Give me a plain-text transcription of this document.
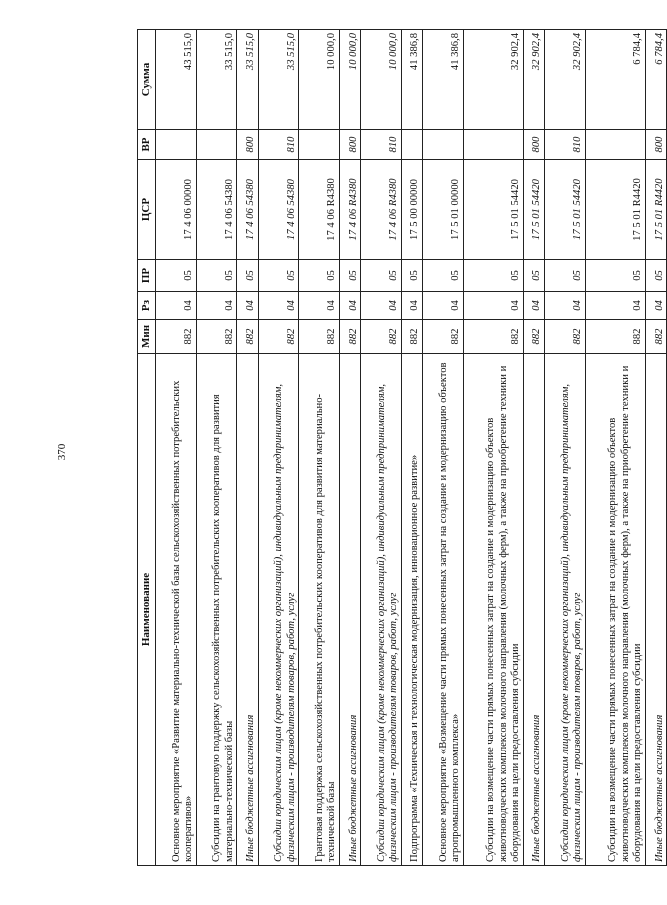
370
Наименование	Мин	Рз	ПР	ЦСР	ВР	Сумма
Основное мероприятие «Развитие материально-технической базы сельскохозяйственных потребительских кооперативов»	882	04	05	17 4 06 00000		43 515,0
Субсидии на грантовую поддержку сельскохозяйственных потребительских кооперативов для развития материально-технической базы	882	04	05	17 4 06 54380		33 515,0
Иные бюджетные ассигнования	882	04	05	17 4 06 54380	800	33 515,0
Субсидии юридическим лицам (кроме некоммерческих организаций), индивидуальным предпринимателям, физическим лицам - производителям товаров, работ, услуг	882	04	05	17 4 06 54380	810	33 515,0
Грантовая поддержка сельскохозяйственных потребительских кооперативов для развития материально-технической базы	882	04	05	17 4 06 R4380		10 000,0
Иные бюджетные ассигнования	882	04	05	17 4 06 R4380	800	10 000,0
Субсидии юридическим лицам (кроме некоммерческих организаций), индивидуальным предпринимателям, физическим лицам - производителям товаров, работ, услуг	882	04	05	17 4 06 R4380	810	10 000,0
Подпрограмма «Техническая и технологическая модернизация, инновационное развитие»	882	04	05	17 5 00 00000		41 386,8
Основное мероприятие «Возмещение части прямых понесенных затрат на создание и модернизацию объектов агропромышленного комплекса»	882	04	05	17 5 01 00000		41 386,8
Субсидии на возмещение части прямых понесенных затрат на создание и модернизацию объектов животноводческих комплексов молочного направления (молочных ферм), а также на приобретение техники и оборудования на цели предоставления субсидии	882	04	05	17 5 01 54420		32 902,4
Иные бюджетные ассигнования	882	04	05	17 5 01 54420	800	32 902,4
Субсидии юридическим лицам (кроме некоммерческих организаций), индивидуальным предпринимателям, физическим лицам - производителям товаров, работ, услуг	882	04	05	17 5 01 54420	810	32 902,4
Субсидии на возмещение части прямых понесенных затрат на создание и модернизацию объектов животноводческих комплексов молочного направления (молочных ферм), а также на приобретение техники и оборудования на цели предоставления субсидии	882	04	05	17 5 01 R4420		6 784,4
Иные бюджетные ассигнования	882	04	05	17 5 01 R4420	800	6 784,4
